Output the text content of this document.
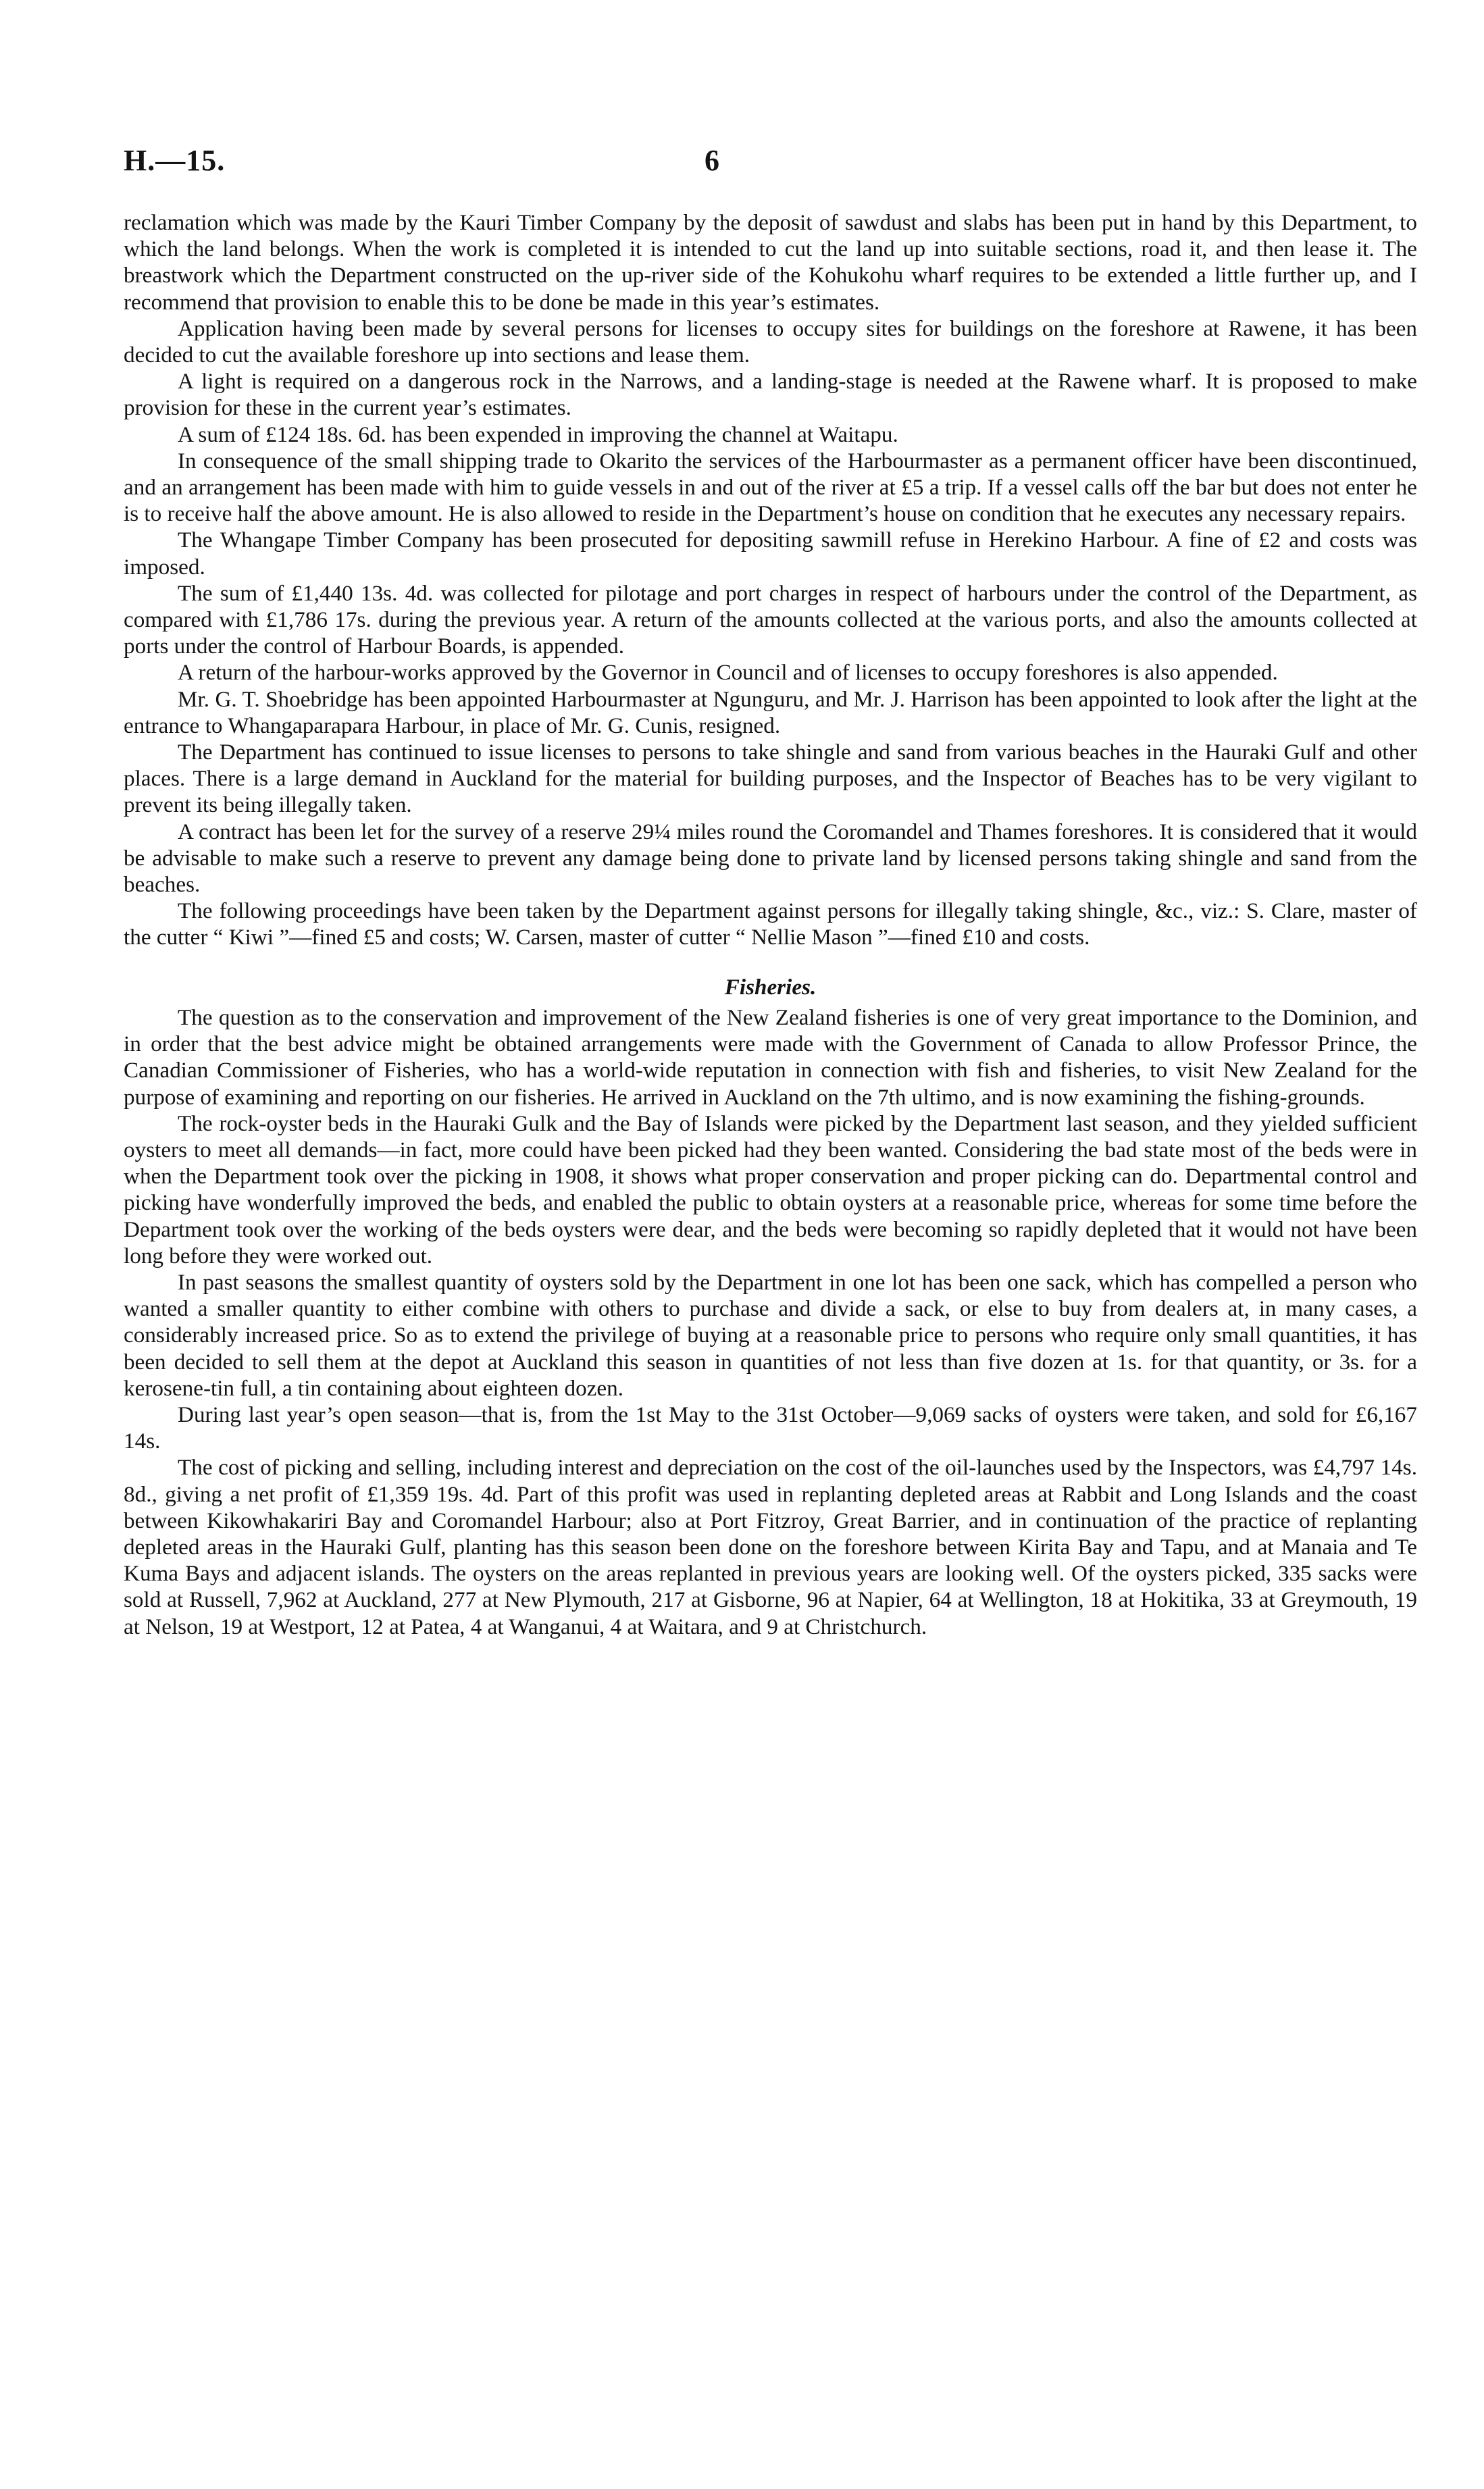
H.—15.	6

reclamation which was made by the Kauri Timber Company by the deposit of sawdust and slabs has been put in hand by this Department, to which the land belongs. When the work is completed it is intended to cut the land up into suitable sections, road it, and then lease it. The breastwork which the Department constructed on the up-river side of the Kohukohu wharf requires to be extended a little further up, and I recommend that provision to enable this to be done be made in this year’s estimates.

Application having been made by several persons for licenses to occupy sites for buildings on the foreshore at Rawene, it has been decided to cut the available foreshore up into sections and lease them.

A light is required on a dangerous rock in the Narrows, and a landing-stage is needed at the Rawene wharf. It is proposed to make provision for these in the current year’s estimates.

A sum of £124 18s. 6d. has been expended in improving the channel at Waitapu.

In consequence of the small shipping trade to Okarito the services of the Harbourmaster as a permanent officer have been discontinued, and an arrangement has been made with him to guide vessels in and out of the river at £5 a trip. If a vessel calls off the bar but does not enter he is to receive half the above amount. He is also allowed to reside in the Department’s house on condition that he executes any necessary repairs.

The Whangape Timber Company has been prosecuted for depositing sawmill refuse in Herekino Harbour. A fine of £2 and costs was imposed.

The sum of £1,440 13s. 4d. was collected for pilotage and port charges in respect of harbours under the control of the Department, as compared with £1,786 17s. during the previous year. A return of the amounts collected at the various ports, and also the amounts collected at ports under the control of Harbour Boards, is appended.

A return of the harbour-works approved by the Governor in Council and of licenses to occupy foreshores is also appended.

Mr. G. T. Shoebridge has been appointed Harbourmaster at Ngunguru, and Mr. J. Harrison has been appointed to look after the light at the entrance to Whangaparapara Harbour, in place of Mr. G. Cunis, resigned.

The Department has continued to issue licenses to persons to take shingle and sand from various beaches in the Hauraki Gulf and other places. There is a large demand in Auckland for the material for building purposes, and the Inspector of Beaches has to be very vigilant to prevent its being illegally taken.

A contract has been let for the survey of a reserve 29¼ miles round the Coromandel and Thames foreshores. It is considered that it would be advisable to make such a reserve to prevent any damage being done to private land by licensed persons taking shingle and sand from the beaches.

The following proceedings have been taken by the Department against persons for illegally taking shingle, &c., viz.: S. Clare, master of the cutter “ Kiwi ”—fined £5 and costs; W. Carsen, master of cutter “ Nellie Mason ”—fined £10 and costs.

Fisheries.

The question as to the conservation and improvement of the New Zealand fisheries is one of very great importance to the Dominion, and in order that the best advice might be obtained arrangements were made with the Government of Canada to allow Professor Prince, the Canadian Commissioner of Fisheries, who has a world-wide reputation in connection with fish and fisheries, to visit New Zealand for the purpose of examining and reporting on our fisheries. He arrived in Auckland on the 7th ultimo, and is now examining the fishing-grounds.

The rock-oyster beds in the Hauraki Gulk and the Bay of Islands were picked by the Department last season, and they yielded sufficient oysters to meet all demands—in fact, more could have been picked had they been wanted. Considering the bad state most of the beds were in when the Department took over the picking in 1908, it shows what proper conservation and proper picking can do. Departmental control and picking have wonderfully improved the beds, and enabled the public to obtain oysters at a reasonable price, whereas for some time before the Department took over the working of the beds oysters were dear, and the beds were becoming so rapidly depleted that it would not have been long before they were worked out.

In past seasons the smallest quantity of oysters sold by the Department in one lot has been one sack, which has compelled a person who wanted a smaller quantity to either combine with others to purchase and divide a sack, or else to buy from dealers at, in many cases, a considerably increased price. So as to extend the privilege of buying at a reasonable price to persons who require only small quantities, it has been decided to sell them at the depot at Auckland this season in quantities of not less than five dozen at 1s. for that quantity, or 3s. for a kerosene-tin full, a tin containing about eighteen dozen.

During last year’s open season—that is, from the 1st May to the 31st October—9,069 sacks of oysters were taken, and sold for £6,167 14s.

The cost of picking and selling, including interest and depreciation on the cost of the oil-launches used by the Inspectors, was £4,797 14s. 8d., giving a net profit of £1,359 19s. 4d. Part of this profit was used in replanting depleted areas at Rabbit and Long Islands and the coast between Kikowhakariri Bay and Coromandel Harbour; also at Port Fitzroy, Great Barrier, and in continuation of the practice of replanting depleted areas in the Hauraki Gulf, planting has this season been done on the foreshore between Kirita Bay and Tapu, and at Manaia and Te Kuma Bays and adjacent islands. The oysters on the areas replanted in previous years are looking well. Of the oysters picked, 335 sacks were sold at Russell, 7,962 at Auckland, 277 at New Plymouth, 217 at Gisborne, 96 at Napier, 64 at Wellington, 18 at Hokitika, 33 at Greymouth, 19 at Nelson, 19 at Westport, 12 at Patea, 4 at Wanganui, 4 at Waitara, and 9 at Christchurch.
